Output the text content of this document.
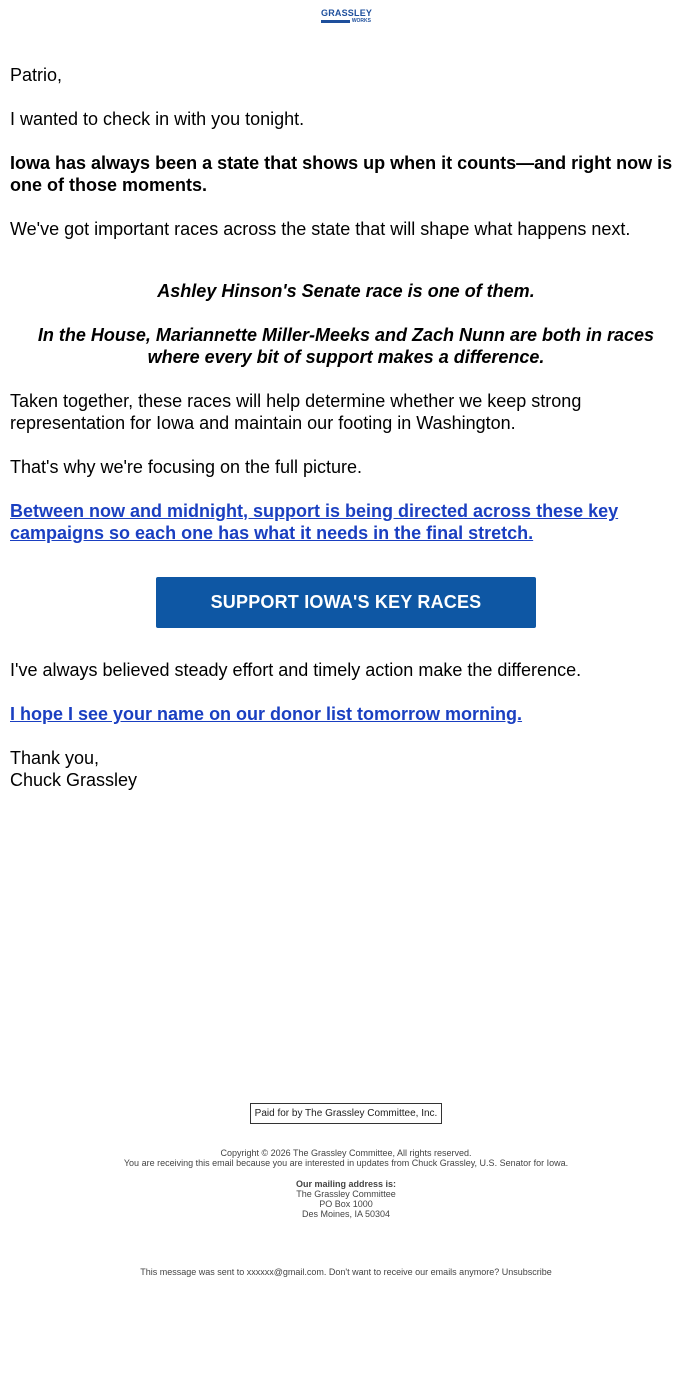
GRASSLEY
WORKS

Patrio,

I wanted to check in with you tonight.

Iowa has always been a state that shows up when it counts—and right now is one of those moments.

We've got important races across the state that will shape what happens next.

Ashley Hinson's Senate race is one of them.

In the House, Mariannette Miller-Meeks and Zach Nunn are both in races where every bit of support makes a difference.

Taken together, these races will help determine whether we keep strong representation for Iowa and maintain our footing in Washington.

That's why we're focusing on the full picture.

Between now and midnight, support is being directed across these key campaigns so each one has what it needs in the final stretch.

SUPPORT IOWA'S KEY RACES

I've always believed steady effort and timely action make the difference.

I hope I see your name on our donor list tomorrow morning.

Thank you,

Chuck Grassley

Paid for by The Grassley Committee, Inc.
Copyright © 2026 The Grassley Committee, All rights reserved.
You are receiving this email because you are interested in updates from Chuck Grassley, U.S. Senator for Iowa.
Our mailing address is:
The Grassley Committee
PO Box 1000
Des Moines, IA 50304
This message was sent to xxxxxx@gmail.com. Don't want to receive our emails anymore? Unsubscribe
